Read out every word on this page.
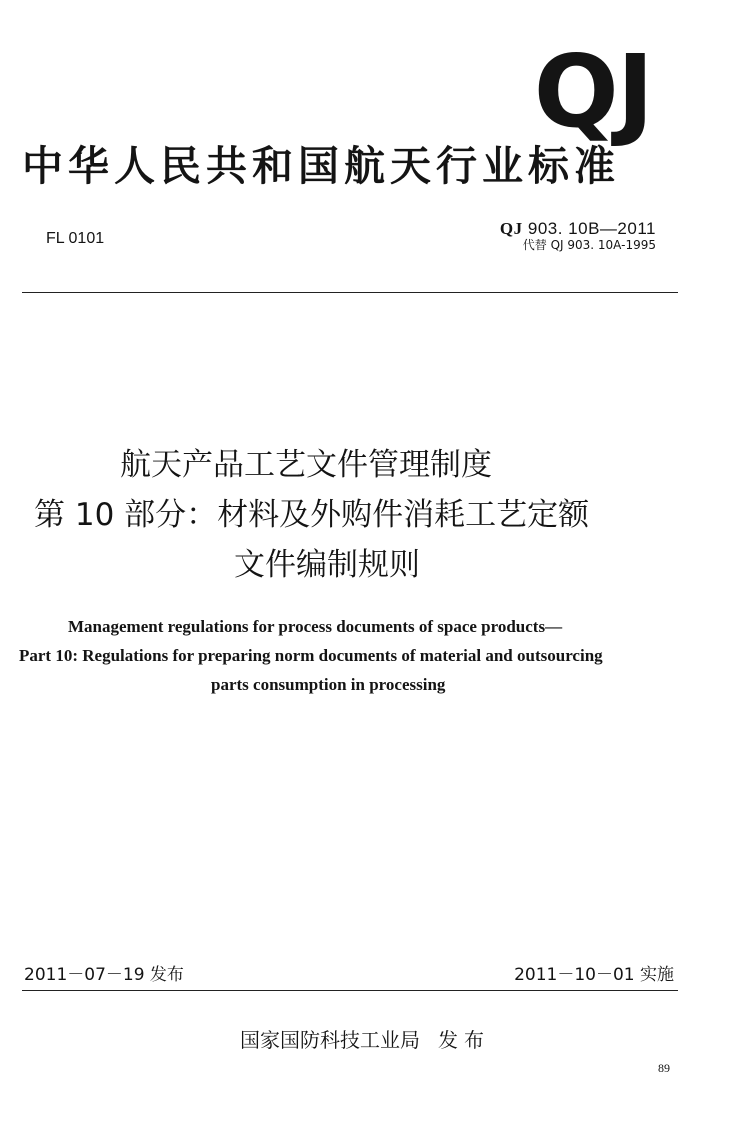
QJ
中华人民共和国航天行业标准
FL 0101
QJ 903. 10B—2011
代替 QJ 903. 10A-1995
航天产品工艺文件管理制度
第 10 部分：材料及外购件消耗工艺定额
文件编制规则
Management regulations for process documents of space products—
Part 10: Regulations for preparing norm documents of material and outsourcing
parts consumption in processing
2011－07－19 发布	2011－10－01 实施
国家国防科技工业局 发布
89
